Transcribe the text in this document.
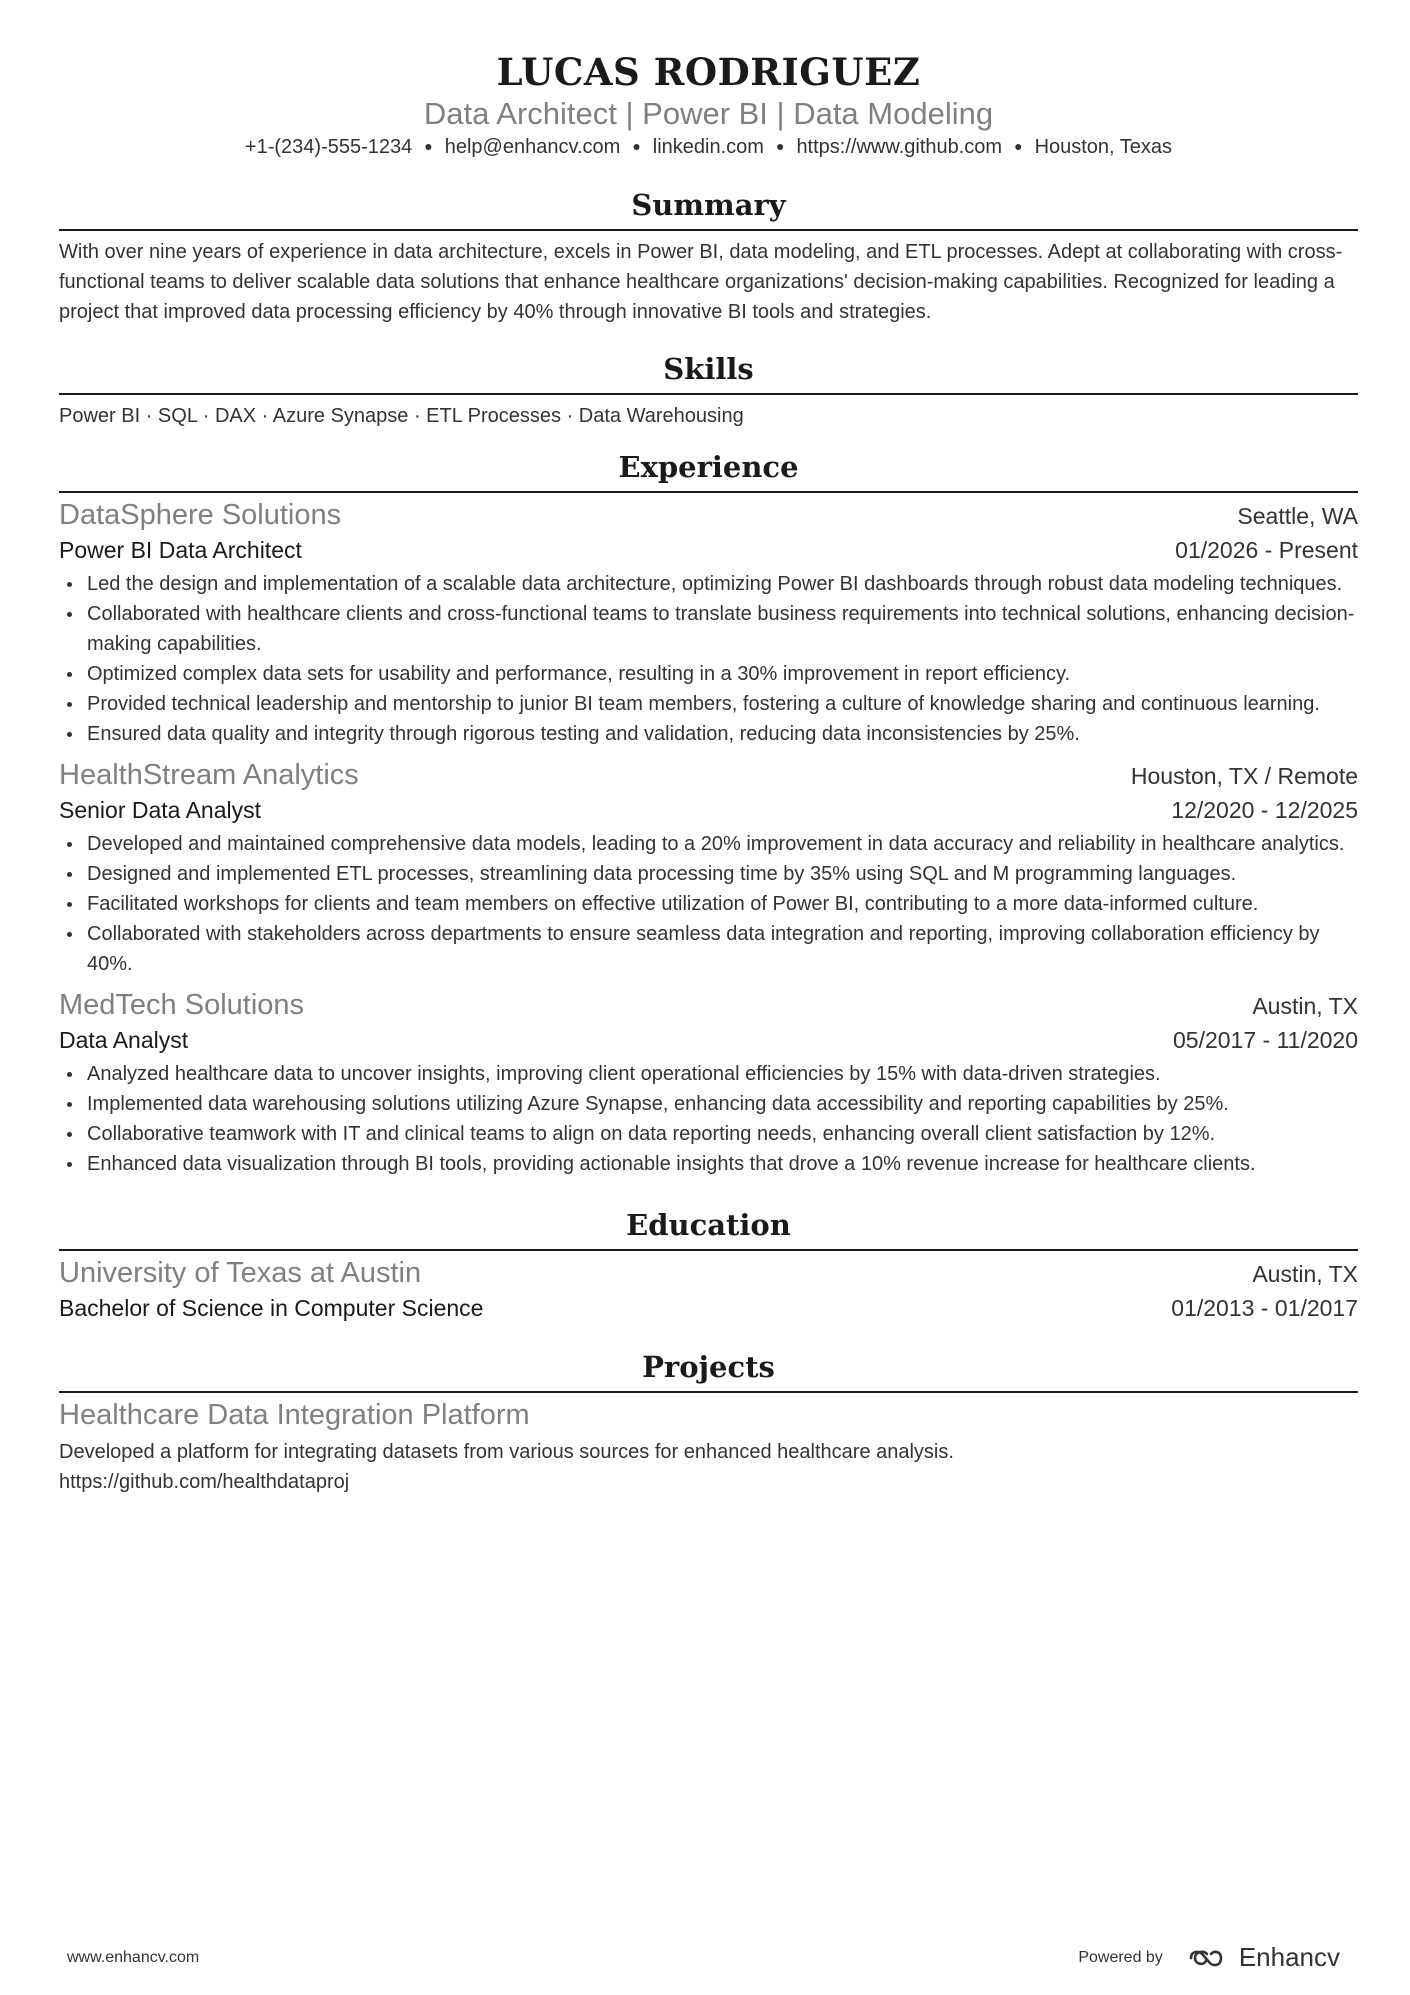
LUCAS RODRIGUEZ
Data Architect | Power BI | Data Modeling
+1-(234)-555-1234 ● help@enhancv.com ● linkedin.com ● https://www.github.com ● Houston, Texas
Summary
With over nine years of experience in data architecture, excels in Power BI, data modeling, and ETL processes. Adept at collaborating with cross-functional teams to deliver scalable data solutions that enhance healthcare organizations' decision-making capabilities. Recognized for leading a project that improved data processing efficiency by 40% through innovative BI tools and strategies.
Skills
Power BI · SQL · DAX · Azure Synapse · ETL Processes · Data Warehousing
Experience
DataSphere Solutions	Seattle, WA
Power BI Data Architect	01/2026 - Present
Led the design and implementation of a scalable data architecture, optimizing Power BI dashboards through robust data modeling techniques.
Collaborated with healthcare clients and cross-functional teams to translate business requirements into technical solutions, enhancing decision-making capabilities.
Optimized complex data sets for usability and performance, resulting in a 30% improvement in report efficiency.
Provided technical leadership and mentorship to junior BI team members, fostering a culture of knowledge sharing and continuous learning.
Ensured data quality and integrity through rigorous testing and validation, reducing data inconsistencies by 25%.
HealthStream Analytics	Houston, TX / Remote
Senior Data Analyst	12/2020 - 12/2025
Developed and maintained comprehensive data models, leading to a 20% improvement in data accuracy and reliability in healthcare analytics.
Designed and implemented ETL processes, streamlining data processing time by 35% using SQL and M programming languages.
Facilitated workshops for clients and team members on effective utilization of Power BI, contributing to a more data-informed culture.
Collaborated with stakeholders across departments to ensure seamless data integration and reporting, improving collaboration efficiency by 40%.
MedTech Solutions	Austin, TX
Data Analyst	05/2017 - 11/2020
Analyzed healthcare data to uncover insights, improving client operational efficiencies by 15% with data-driven strategies.
Implemented data warehousing solutions utilizing Azure Synapse, enhancing data accessibility and reporting capabilities by 25%.
Collaborative teamwork with IT and clinical teams to align on data reporting needs, enhancing overall client satisfaction by 12%.
Enhanced data visualization through BI tools, providing actionable insights that drove a 10% revenue increase for healthcare clients.
Education
University of Texas at Austin	Austin, TX
Bachelor of Science in Computer Science	01/2013 - 01/2017
Projects
Healthcare Data Integration Platform
Developed a platform for integrating datasets from various sources for enhanced healthcare analysis.
https://github.com/healthdataproj
www.enhancv.com	Powered by	Enhancv
